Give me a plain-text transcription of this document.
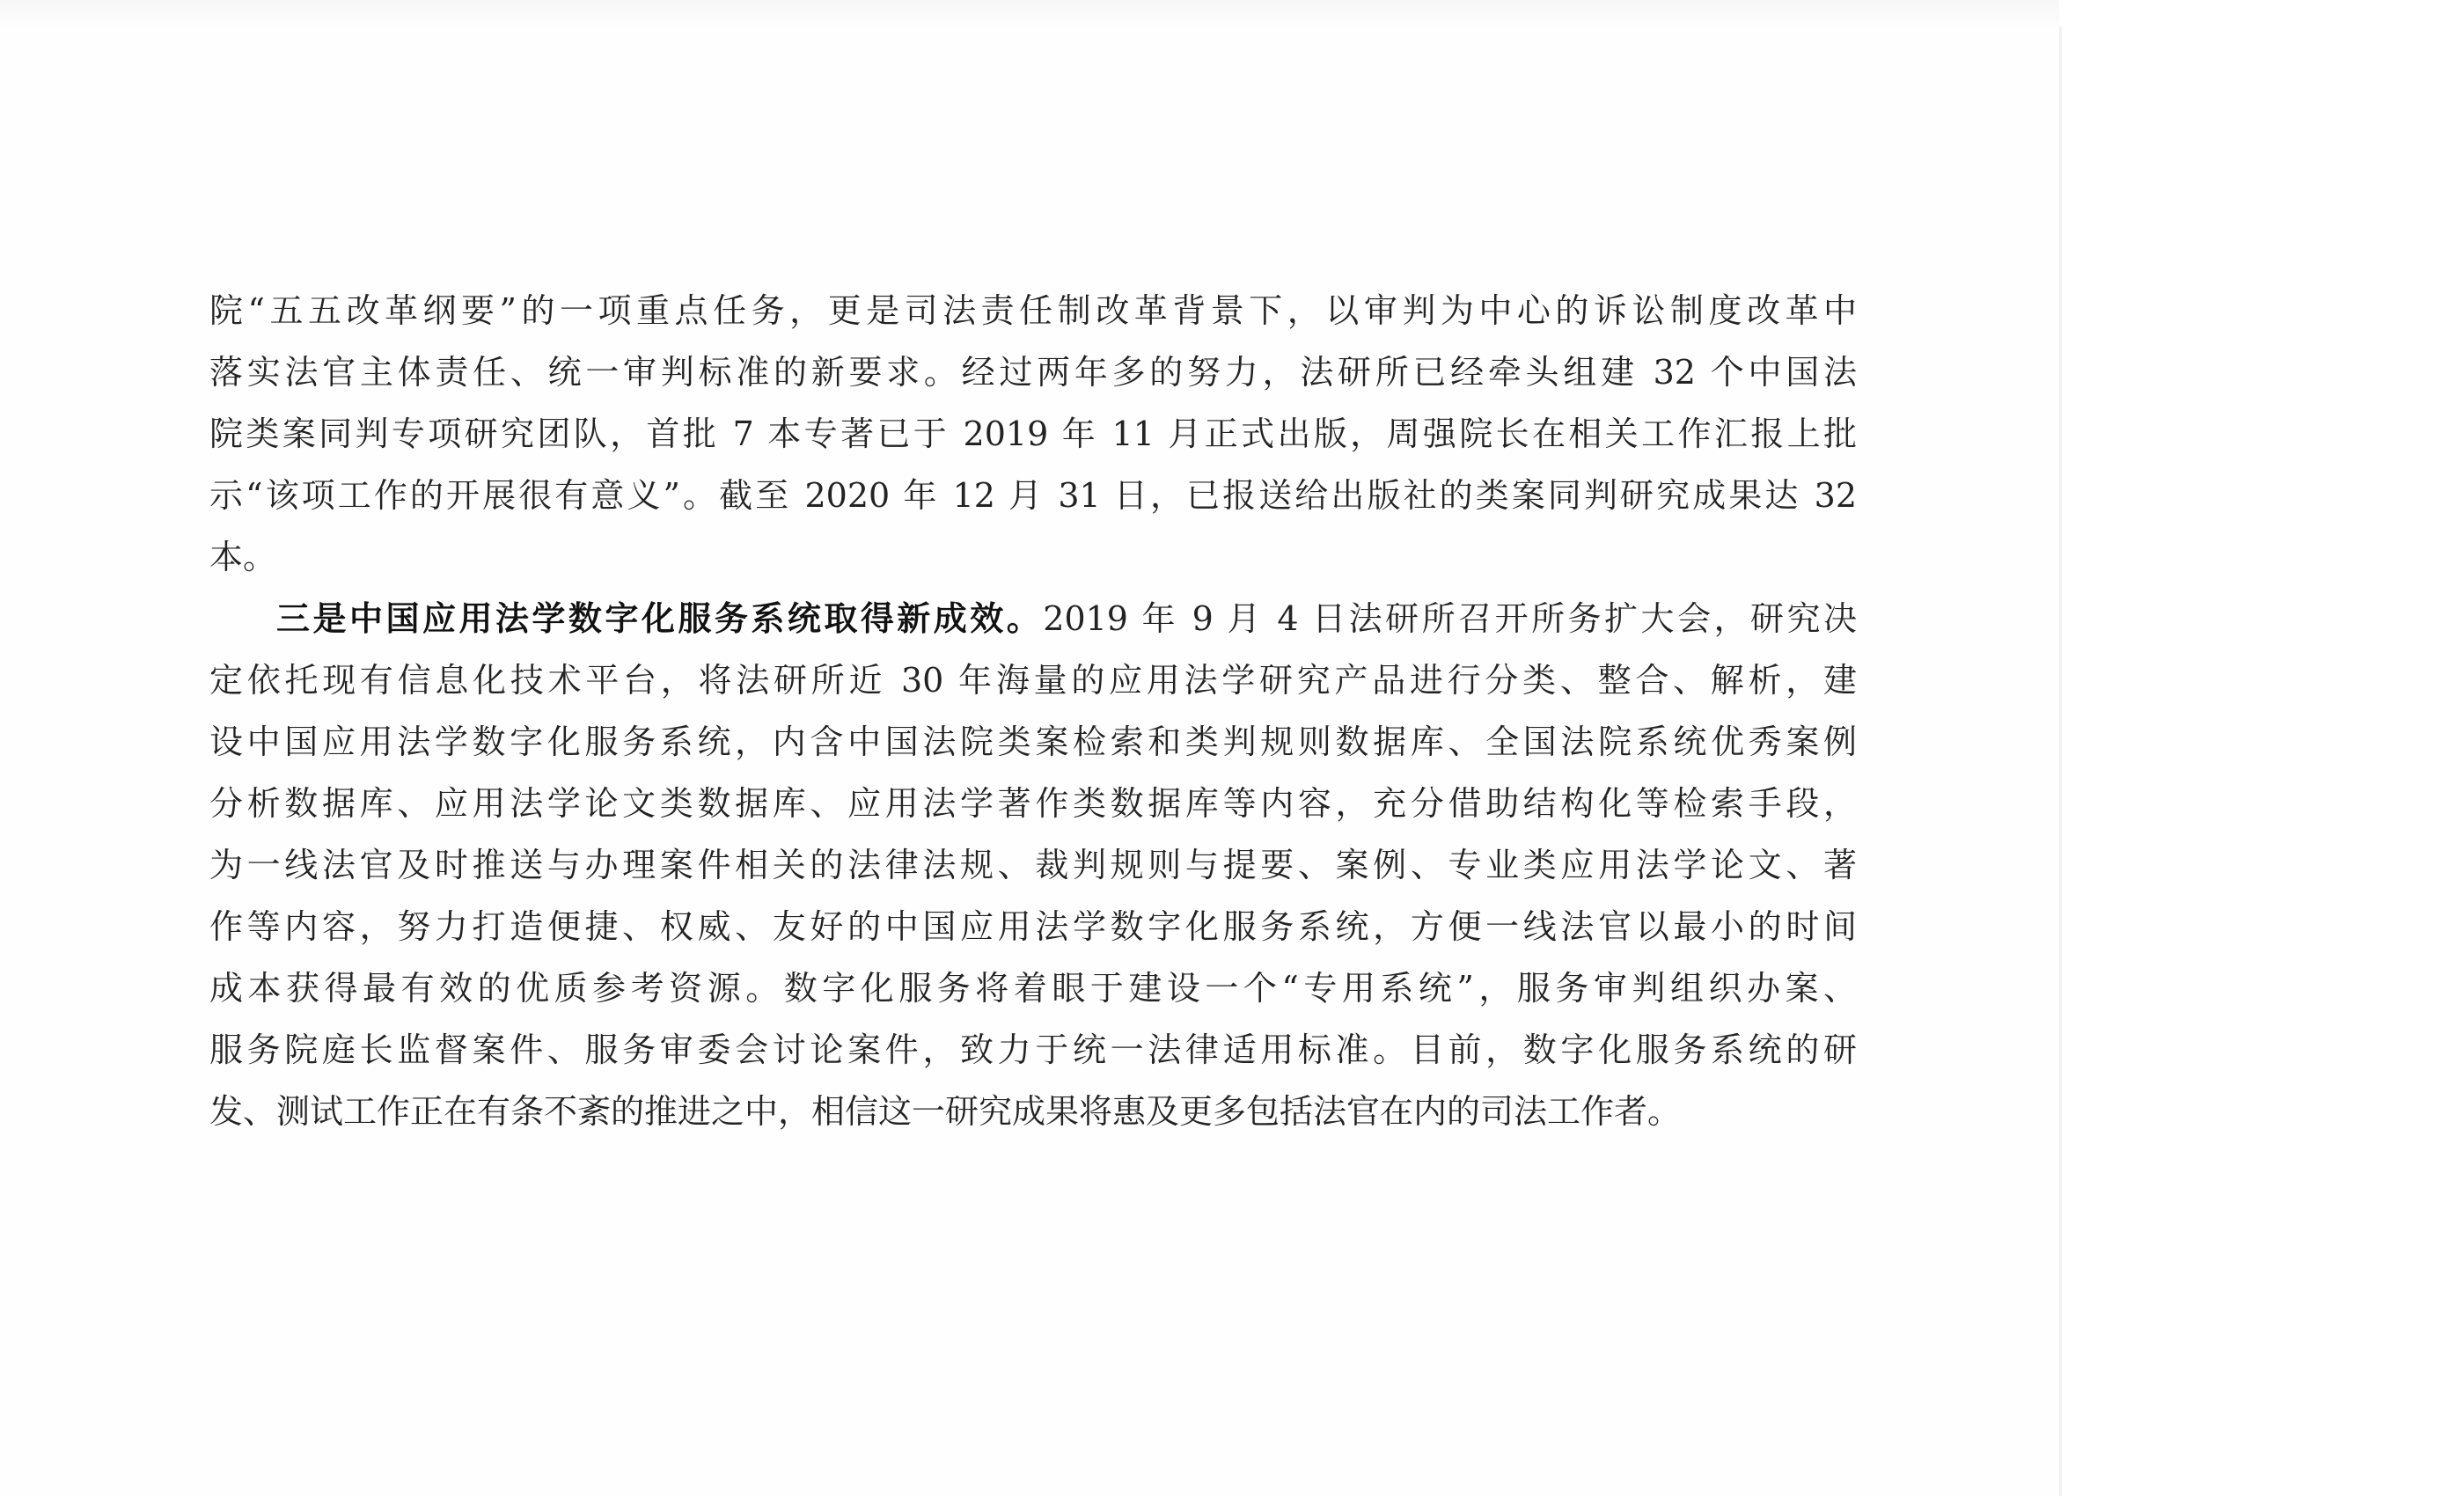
院“五五改革纲要”的一项重点任务，更是司法责任制改革背景下，以审判为中心的诉讼制度改革中
落实法官主体责任、统一审判标准的新要求。经过两年多的努力，法研所已经牵头组建 32 个中国法
院类案同判专项研究团队，首批 7 本专著已于 2019 年 11 月正式出版，周强院长在相关工作汇报上批
示“该项工作的开展很有意义”。截至 2020 年 12 月 31 日，已报送给出版社的类案同判研究成果达 32
本。
三是中国应用法学数字化服务系统取得新成效。2019 年 9 月 4 日法研所召开所务扩大会，研究决
定依托现有信息化技术平台，将法研所近 30 年海量的应用法学研究产品进行分类、整合、解析，建
设中国应用法学数字化服务系统，内含中国法院类案检索和类判规则数据库、全国法院系统优秀案例
分析数据库、应用法学论文类数据库、应用法学著作类数据库等内容，充分借助结构化等检索手段，
为一线法官及时推送与办理案件相关的法律法规、裁判规则与提要、案例、专业类应用法学论文、著
作等内容，努力打造便捷、权威、友好的中国应用法学数字化服务系统，方便一线法官以最小的时间
成本获得最有效的优质参考资源。数字化服务将着眼于建设一个“专用系统”，服务审判组织办案、
服务院庭长监督案件、服务审委会讨论案件，致力于统一法律适用标准。目前，数字化服务系统的研
发、测试工作正在有条不紊的推进之中，相信这一研究成果将惠及更多包括法官在内的司法工作者。
